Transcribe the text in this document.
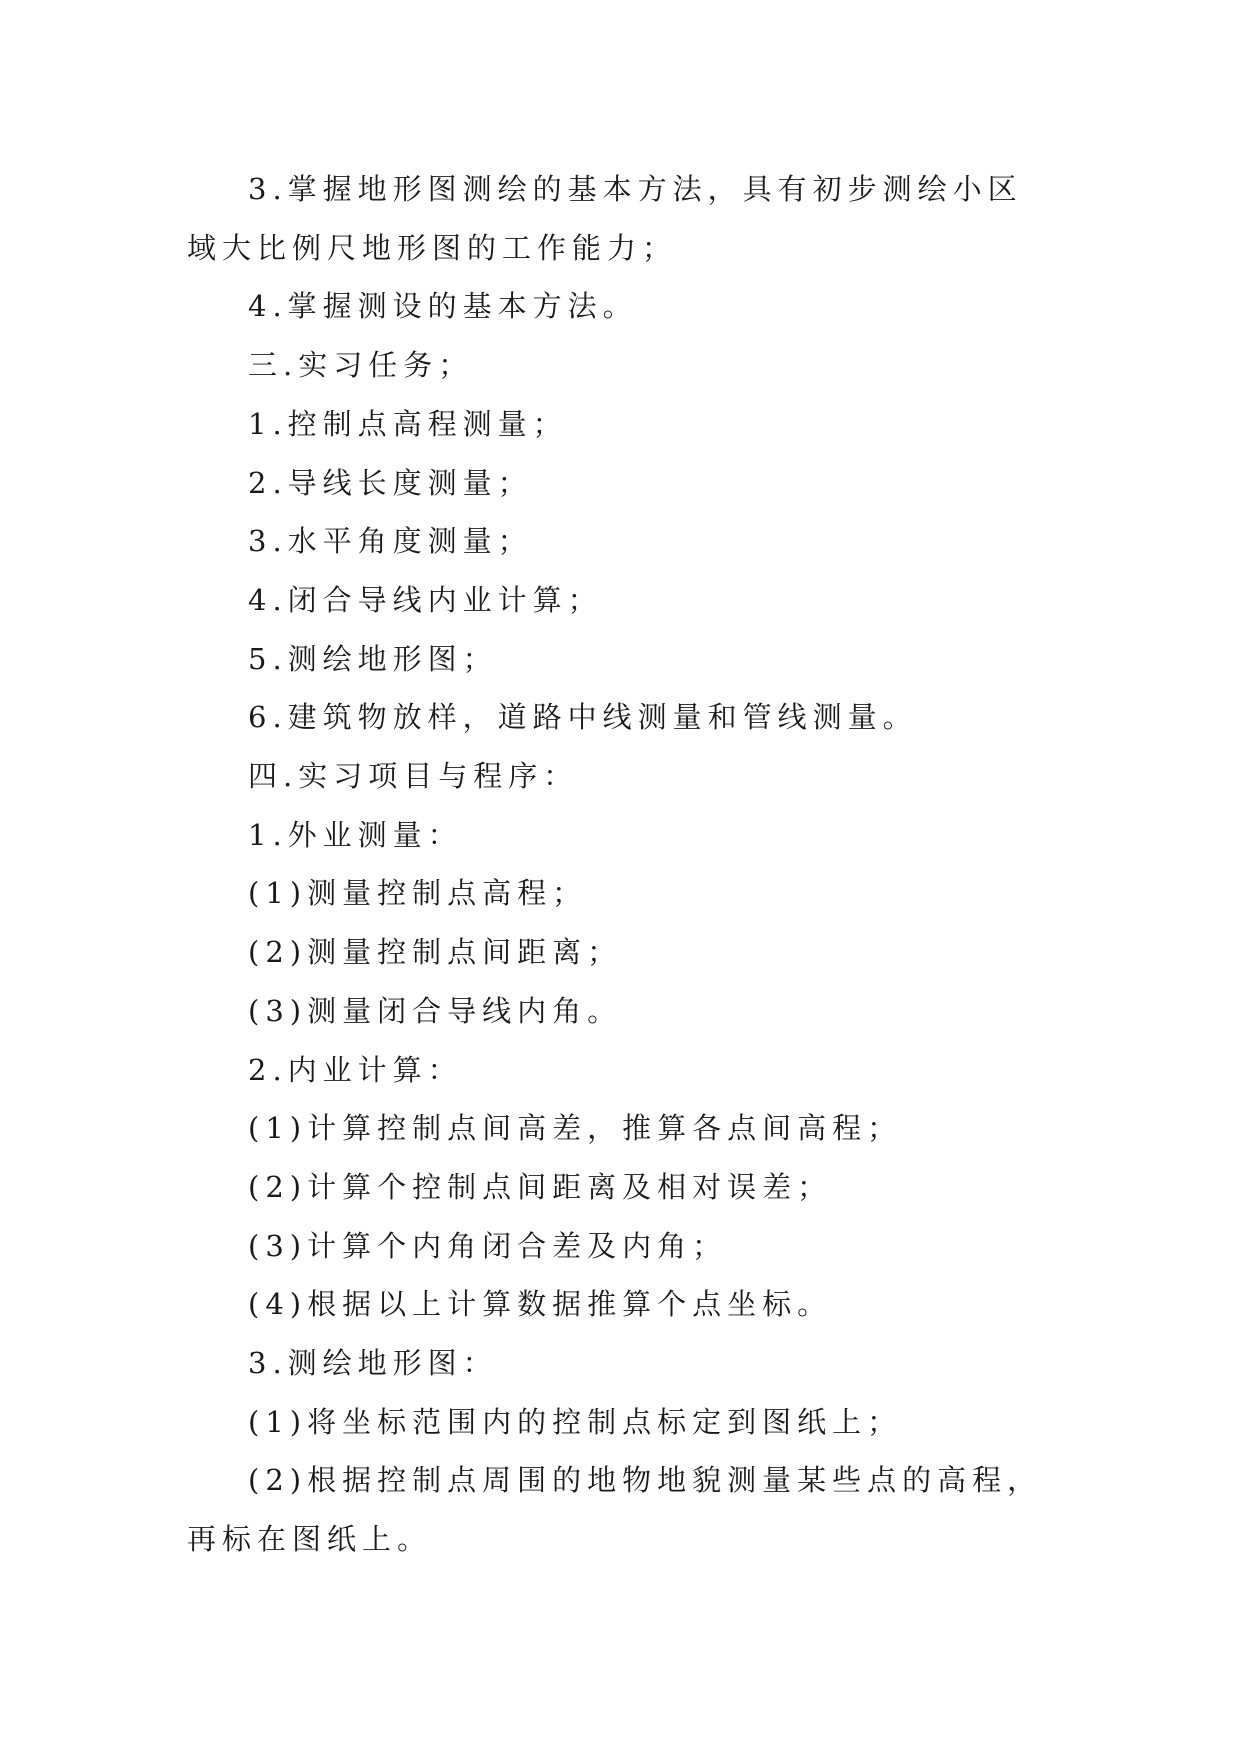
3.掌握地形图测绘的基本方法，具有初步测绘小区域大比例尺地形图的工作能力；

4.掌握测设的基本方法。

三.实习任务；

1.控制点高程测量；

2.导线长度测量；

3.水平角度测量；

4.闭合导线内业计算；

5.测绘地形图；

6.建筑物放样，道路中线测量和管线测量。

四.实习项目与程序：

1.外业测量：

(1)测量控制点高程；

(2)测量控制点间距离；

(3)测量闭合导线内角。

2.内业计算：

(1)计算控制点间高差，推算各点间高程；

(2)计算个控制点间距离及相对误差；

(3)计算个内角闭合差及内角；

(4)根据以上计算数据推算个点坐标。

3.测绘地形图：

(1)将坐标范围内的控制点标定到图纸上；

(2)根据控制点周围的地物地貌测量某些点的高程，再标在图纸上。
